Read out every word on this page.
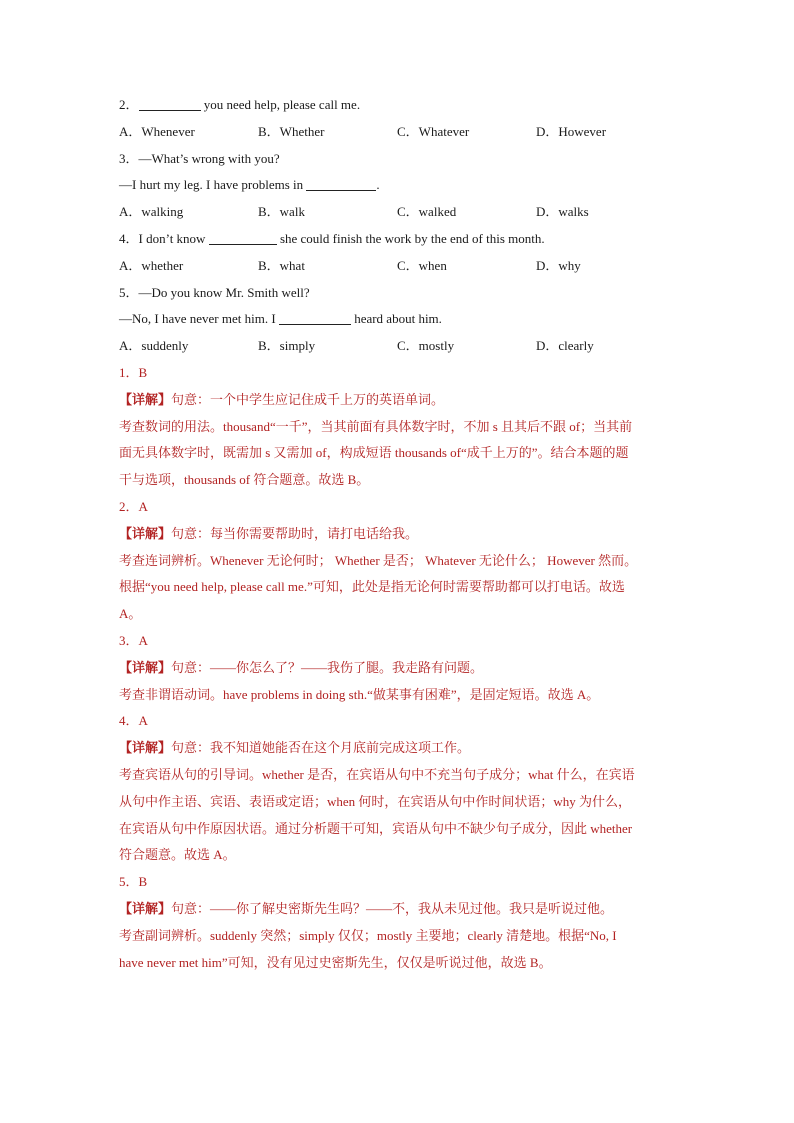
2．	you need help, please call me.
A．Whenever	B．Whether	C．Whatever	D．However
3．—What’s wrong with you?
—I hurt my leg. I have problems in	.
A．walking	B．walk	C．walked	D．walks
4．I don’t know	she could finish the work by the end of this month.
A．whether	B．what	C．when	D．why
5．—Do you know Mr. Smith well?
—No, I have never met him. I	heard about him.
A．suddenly	B．simply	C．mostly	D．clearly
1．B
【详解】句意：一个中学生应记住成千上万的英语单词。
考查数词的用法。thousand“一千”，当其前面有具体数字时，不加 s 且其后不跟 of；当其前
面无具体数字时，既需加 s 又需加 of，构成短语 thousands of“成千上万的”。结合本题的题
干与选项，thousands of 符合题意。故选 B。
2．A
【详解】句意：每当你需要帮助时，请打电话给我。
考查连词辨析。Whenever 无论何时； Whether 是否； Whatever 无论什么； However 然而。
根据“you need help, please call me.”可知，此处是指无论何时需要帮助都可以打电话。故选
A。
3．A
【详解】句意：——你怎么了？——我伤了腿。我走路有问题。
考查非谓语动词。have problems in doing sth.“做某事有困难”，是固定短语。故选 A。
4．A
【详解】句意：我不知道她能否在这个月底前完成这项工作。
考查宾语从句的引导词。whether 是否，在宾语从句中不充当句子成分；what 什么，在宾语
从句中作主语、宾语、表语或定语；when 何时，在宾语从句中作时间状语；why 为什么，
在宾语从句中作原因状语。通过分析题干可知，宾语从句中不缺少句子成分，因此 whether
符合题意。故选 A。
5．B
【详解】句意：——你了解史密斯先生吗？——不，我从未见过他。我只是听说过他。
考查副词辨析。suddenly 突然；simply 仅仅；mostly 主要地；clearly 清楚地。根据“No, I
have never met him”可知，没有见过史密斯先生，仅仅是听说过他，故选 B。
